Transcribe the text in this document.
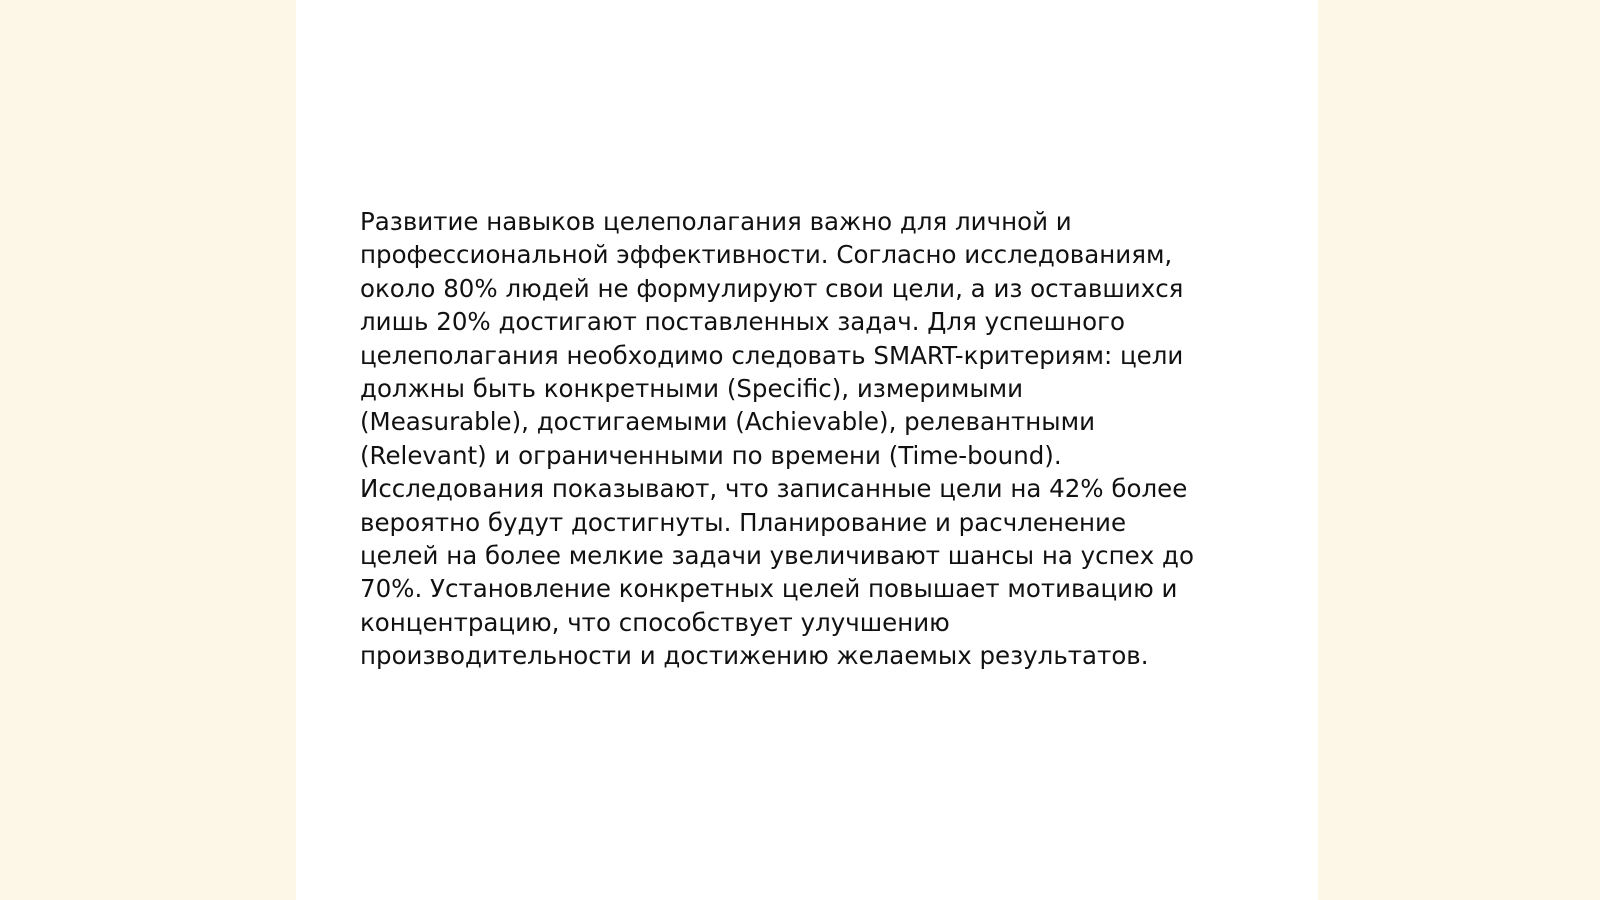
Развитие навыков целеполагания важно для личной и
профессиональной эффективности. Согласно исследованиям,
около 80% людей не формулируют свои цели, а из оставшихся
лишь 20% достигают поставленных задач. Для успешного
целеполагания необходимо следовать SMART-критериям: цели
должны быть конкретными (Specific), измеримыми
(Measurable), достигаемыми (Achievable), релевантными
(Relevant) и ограниченными по времени (Time-bound).
Исследования показывают, что записанные цели на 42% более
вероятно будут достигнуты. Планирование и расчленение
целей на более мелкие задачи увеличивают шансы на успех до
70%. Установление конкретных целей повышает мотивацию и
концентрацию, что способствует улучшению
производительности и достижению желаемых результатов.
